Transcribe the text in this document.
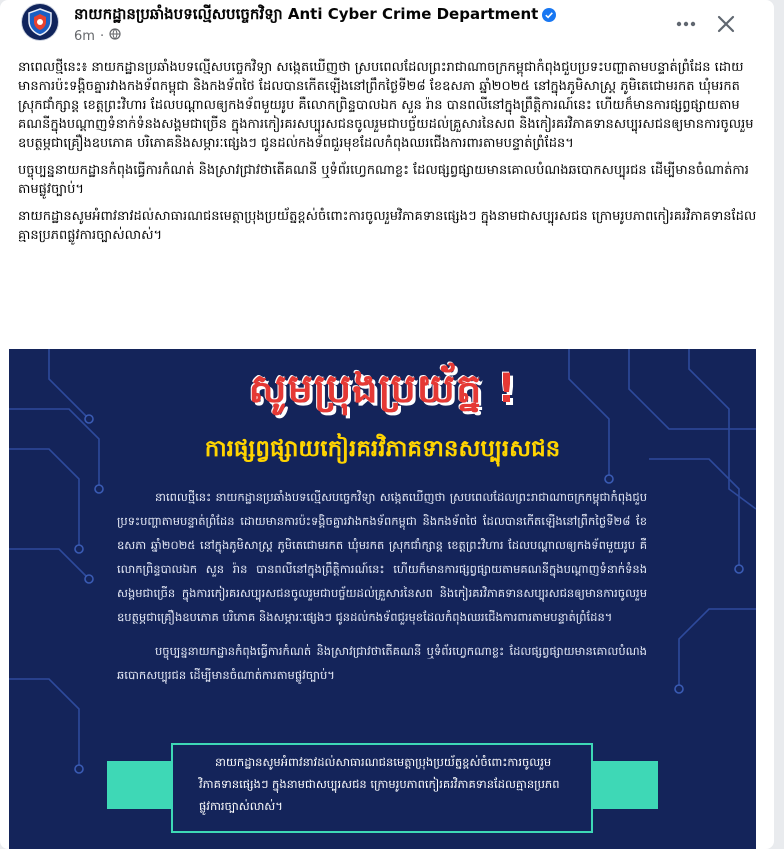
នាយកដ្ឋានប្រឆាំងបទល្មើសបច្ចេកវិទ្យា Anti Cyber Crime Department
6m ·

នាពេលថ្មីនេះ៖ នាយកដ្ឋានប្រឆាំងបទល្មើសបច្ចេកវិទ្យា សង្កេតឃើញថា ស្របពេលដែលព្រះរាជាណាចក្រកម្ពុជាកំពុងជួបប្រទះបញ្ហាតាមបន្ទាត់ព្រំដែន ដោយមានការប៉ះទង្គិចគ្នារវាងកងទ័ពកម្ពុជា និងកងទ័ពថៃ ដែលបានកើតឡើងនៅព្រឹកថ្ងៃទី២៨ ខែឧសភា ឆ្នាំ២០២៥ នៅក្នុងភូមិសាស្ត្រ ភូមិតេជោមរកត ឃុំមរកត ស្រុកជាំក្សាន្ត ខេត្តព្រះវិហារ ដែលបណ្តាលឲ្យកងទ័ពមួយរូប គឺលោកព្រិន្ទបាលឯក សួន រ៉ាន បានពលីនៅក្នុងព្រឹត្តិការណ៍នេះ ហើយក៏មានការផ្សព្វផ្សាយតាមគណនីក្នុងបណ្តាញទំនាក់ទំនងសង្គមជាច្រើន ក្នុងការកៀរគរសប្បុរសជនចូលរួមជាបច្ច័យដល់គ្រួសារនៃសព និងកៀរគរវិភាគទានសប្បុរសជនឲ្យមានការចូលរួមឧបត្ថម្ភជាគ្រឿងឧបភោគ បរិភោគនិងសម្ភារៈផ្សេងៗ ជូនដល់កងទ័ពជួរមុខដែលកំពុងឈរជើងការពារតាមបន្ទាត់ព្រំដែន។

បច្ចុប្បន្ននាយកដ្ឋានកំពុងធ្វើការកំណត់ និងស្រាវជ្រាវថាតើគណនី ឬទំព័រហ្វេកណាខ្លះ ដែលផ្សព្វផ្សាយមានគោលបំណងឆបោកសប្បុរជន ដើម្បីមានចំណាត់ការតាមផ្លូវច្បាប់។

នាយកដ្ឋានសូមអំពាវនាវដល់សាធារណជនមេត្តាប្រុងប្រយ័ត្នខ្ពស់ចំពោះការចូលរួមវិភាគទានផ្សេងៗ ក្នុងនាមជាសប្បុរសជន ក្រោមរូបភាពកៀរគរវិភាគទានដែលគ្មានប្រភពផ្លូវការច្បាស់លាស់។

សូមប្រុងប្រយ័ត្ន !
ការផ្សព្វផ្សាយកៀរគរវិភាគទានសប្បុរសជន

នាពេលថ្មីនេះ នាយកដ្ឋានប្រឆាំងបទល្មើសបច្ចេកវិទ្យា សង្កេតឃើញថា ស្របពេលដែលព្រះរាជាណាចក្រកម្ពុជាកំពុងជួបប្រទះបញ្ហាតាមបន្ទាត់ព្រំដែន ដោយមានការប៉ះទង្គិចគ្នារវាងកងទ័ពកម្ពុជា និងកងទ័ពថៃ ដែលបានកើតឡើងនៅព្រឹកថ្ងៃទី២៨ ខែឧសភា ឆ្នាំ២០២៥ នៅក្នុងភូមិសាស្ត្រ ភូមិតេជោមរកត ឃុំមរកត ស្រុកជាំក្សាន្ត ខេត្តព្រះវិហារ ដែលបណ្តាលឲ្យកងទ័ពមួយរូប គឺលោកព្រិន្ទបាលឯក សួន រ៉ាន បានពលីនៅក្នុងព្រឹត្តិការណ៍នេះ ហើយក៏មានការផ្សព្វផ្សាយតាមគណនីក្នុងបណ្តាញទំនាក់ទំនងសង្គមជាច្រើន ក្នុងការកៀរគរសប្បុរសជនចូលរួមជាបច្ច័យដល់គ្រួសារនៃសព និងកៀរគរវិភាគទានសប្បុរសជនឲ្យមានការចូលរួមឧបត្ថម្ភជាគ្រឿងឧបភោគ បរិភោគ និងសម្ភារៈផ្សេងៗ ជូនដល់កងទ័ពជួរមុខដែលកំពុងឈរជើងការពារតាមបន្ទាត់ព្រំដែន។

បច្ចុប្បន្ននាយកដ្ឋានកំពុងធ្វើការកំណត់ និងស្រាវជ្រាវថាតើគណនី ឬទំព័រហ្វេកណាខ្លះ ដែលផ្សព្វផ្សាយមានគោលបំណងឆបោកសប្បុរជន ដើម្បីមានចំណាត់ការតាមផ្លូវច្បាប់។

នាយកដ្ឋានសូមអំពាវនាវដល់សាធារណជនមេត្តាប្រុងប្រយ័ត្នខ្ពស់ចំពោះការចូលរួមវិភាគទានផ្សេងៗ ក្នុងនាមជាសប្បុរសជន ក្រោមរូបភាពកៀរគរវិភាគទានដែលគ្មានប្រភពផ្លូវការច្បាស់លាស់។
